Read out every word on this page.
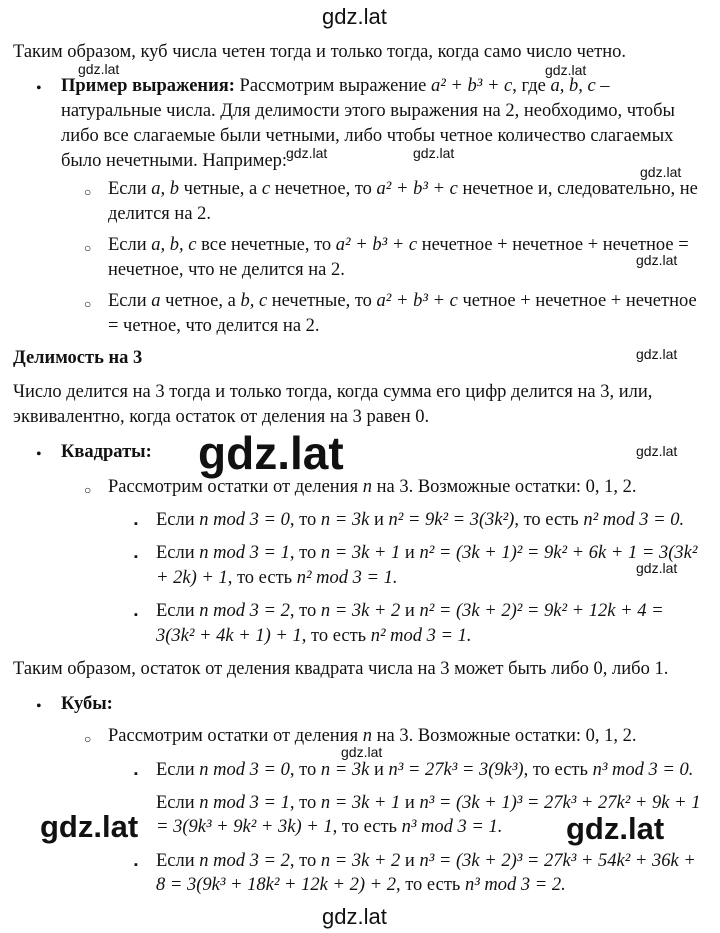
gdz.lat
gdz.lat	gdz.lat
gdz.lat	gdz.lat
gdz.lat
gdz.lat
gdz.lat
gdz.lat	gdz.lat
gdz.lat
gdz.lat
gdz.lat	gdz.lat
gdz.lat
Таким образом, куб числа четен тогда и только тогда, когда само число четно.
• Пример выражения: Рассмотрим выражение a² + b³ + c, где a, b, c –
натуральные числа. Для делимости этого выражения на 2, необходимо, чтобы
либо все слагаемые были четными, либо чтобы четное количество слагаемых
было нечетными. Например:
○ Если a, b четные, а c нечетное, то a² + b³ + c нечетное и, следовательно, не
делится на 2.
○ Если a, b, c все нечетные, то a² + b³ + c нечетное + нечетное + нечетное =
нечетное, что не делится на 2.
○ Если a четное, а b, c нечетные, то a² + b³ + c четное + нечетное + нечетное
= четное, что делится на 2.
Делимость на 3
Число делится на 3 тогда и только тогда, когда сумма его цифр делится на 3, или,
эквивалентно, когда остаток от деления на 3 равен 0.
• Квадраты:
○ Рассмотрим остатки от деления n на 3. Возможные остатки: 0, 1, 2.
▪ Если n mod 3 = 0, то n = 3k и n² = 9k² = 3(3k²), то есть n² mod 3 = 0.
▪ Если n mod 3 = 1, то n = 3k + 1 и n² = (3k + 1)² = 9k² + 6k + 1 = 3(3k²
+ 2k) + 1, то есть n² mod 3 = 1.
▪ Если n mod 3 = 2, то n = 3k + 2 и n² = (3k + 2)² = 9k² + 12k + 4 =
3(3k² + 4k + 1) + 1, то есть n² mod 3 = 1.
Таким образом, остаток от деления квадрата числа на 3 может быть либо 0, либо 1.
• Кубы:
○ Рассмотрим остатки от деления n на 3. Возможные остатки: 0, 1, 2.
▪ Если n mod 3 = 0, то n = 3k и n³ = 27k³ = 3(9k³), то есть n³ mod 3 = 0.
Если n mod 3 = 1, то n = 3k + 1 и n³ = (3k + 1)³ = 27k³ + 27k² + 9k + 1
= 3(9k³ + 9k² + 3k) + 1, то есть n³ mod 3 = 1.
▪ Если n mod 3 = 2, то n = 3k + 2 и n³ = (3k + 2)³ = 27k³ + 54k² + 36k +
8 = 3(9k³ + 18k² + 12k + 2) + 2, то есть n³ mod 3 = 2.
